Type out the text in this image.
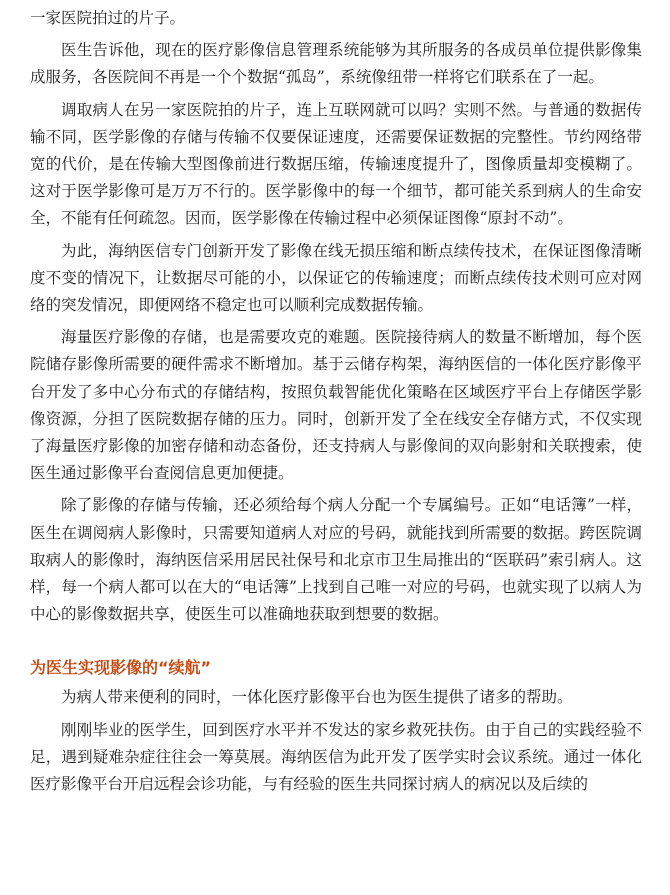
一家医院拍过的片子。

医生告诉他，现在的医疗影像信息管理系统能够为其所服务的各成员单位提供影像集成服务，各医院间不再是一个个数据“孤岛”，系统像纽带一样将它们联系在了一起。

调取病人在另一家医院拍的片子，连上互联网就可以吗？实则不然。与普通的数据传输不同，医学影像的存储与传输不仅要保证速度，还需要保证数据的完整性。节约网络带宽的代价，是在传输大型图像前进行数据压缩，传输速度提升了，图像质量却变模糊了。这对于医学影像可是万万不行的。医学影像中的每一个细节，都可能关系到病人的生命安全，不能有任何疏忽。因而，医学影像在传输过程中必须保证图像“原封不动”。

为此，海纳医信专门创新开发了影像在线无损压缩和断点续传技术，在保证图像清晰度不变的情况下，让数据尽可能的小，以保证它的传输速度；而断点续传技术则可应对网络的突发情况，即便网络不稳定也可以顺利完成数据传输。

海量医疗影像的存储，也是需要攻克的难题。医院接待病人的数量不断增加，每个医院储存影像所需要的硬件需求不断增加。基于云储存构架，海纳医信的一体化医疗影像平台开发了多中心分布式的存储结构，按照负载智能优化策略在区域医疗平台上存储医学影像资源，分担了医院数据存储的压力。同时，创新开发了全在线安全存储方式，不仅实现了海量医疗影像的加密存储和动态备份，还支持病人与影像间的双向影射和关联搜索，使医生通过影像平台查阅信息更加便捷。

除了影像的存储与传输，还必须给每个病人分配一个专属编号。正如“电话簿”一样，医生在调阅病人影像时，只需要知道病人对应的号码，就能找到所需要的数据。跨医院调取病人的影像时，海纳医信采用居民社保号和北京市卫生局推出的“医联码”索引病人。这样，每一个病人都可以在大的“电话簿”上找到自己唯一对应的号码，也就实现了以病人为中心的影像数据共享，使医生可以准确地获取到想要的数据。

为医生实现影像的“续航”

为病人带来便利的同时，一体化医疗影像平台也为医生提供了诸多的帮助。

刚刚毕业的医学生，回到医疗水平并不发达的家乡救死扶伤。由于自己的实践经验不足，遇到疑难杂症往往会一筹莫展。海纳医信为此开发了医学实时会议系统。通过一体化医疗影像平台开启远程会诊功能，与有经验的医生共同探讨病人的病况以及后续的
